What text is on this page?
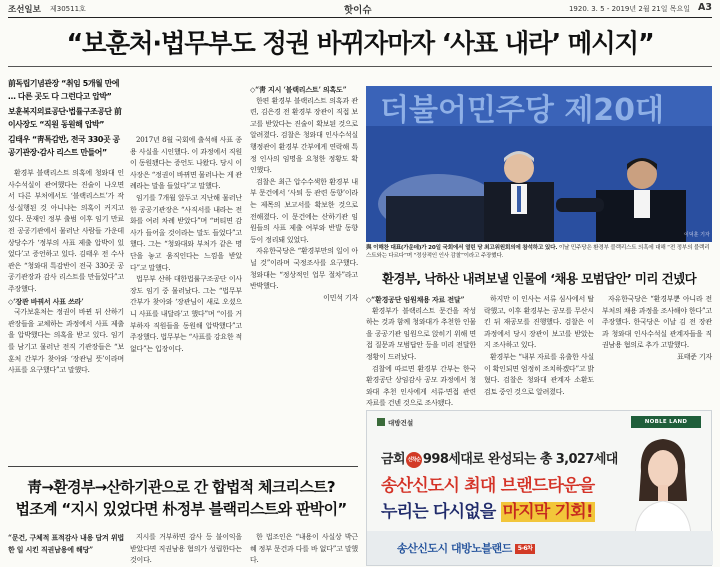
조선일보 제30511호	핫이슈	1920. 3. 5 - 2019년 2월 21일 목요일 A3
“보훈처·법무부도 정권 바뀌자마자 ‘사표 내라’ 메시지”
前독립기념관장 “취임 5개월 만에
… 다른 곳도 다 그런다고 압박”
보훈복지의료공단·법률구조공단 前이사장도 “직원 동원해 압박”
김태우 “靑특감반, 전국 330곳 공공기관장·감사 리스트 만들어”

환경부 블랙리스트 의혹에 청와대 인사수석실이 관여했다는 진술이 나오면서 다른 부처에서도 ‘블랙리스트’가 작성·실행된 것 아니냐는 의혹이 커지고 있다. 문재인 정부 출범 이후 임기 만료 전 공공기관에서 물러난 사람들 가운데 상당수가 ‘정부의 사표 제출 압박이 있었다’고 증언하고 있다. 김태우 전 수사관은 “청와대 특감반이 전국 330곳 공공기관장과 감사 리스트를 만들었다”고 주장했다.

◇‘장관 바꿔서 사표 쓰라’

국가보훈처는 정권이 바뀐 뒤 산하기관장들을 교체하는 과정에서 사표 제출을 압박했다는 의혹을 받고 있다. 임기를 남기고 물러난 전직 기관장들은 “보훈처 간부가 찾아와 ‘장관님 뜻’이라며 사표를 요구했다”고 말했다.

2017년 8월 국회에 출석해 사표 종용 사실을 시인했다. 이 과정에서 직원이 동원됐다는 증언도 나왔다. 당시 이사장은 “정권이 바뀌면 물러나는 게 관례라는 말을 들었다”고 말했다.

임기를 7개월 앞두고 지난해 물러난 한 공공기관장은 “사직서를 내라는 전화를 여러 차례 받았다”며 “버티면 감사가 들어올 것이라는 말도 들었다”고 했다. 그는 “청와대와 부처가 같은 명단을 놓고 움직인다는 느낌을 받았다”고 말했다.

법무부 산하 대한법률구조공단 이사장도 임기 중 물러났다. 그는 “법무부 간부가 찾아와 ‘장관님이 새로 오셨으니 사표를 내달라’고 했다”며 “이를 거부하자 직원들을 동원해 압박했다”고 주장했다. 법무부는 “사표를 강요한 적 없다”는 입장이다.

◇“靑 지시 ‘블랙리스트’ 의혹도”

한편 환경부 블랙리스트 의혹과 관련, 김은경 전 환경부 장관이 직접 보고를 받았다는 진술이 확보된 것으로 알려졌다. 검찰은 청와대 인사수석실 행정관이 환경부 간부에게 연락해 특정 인사의 임명을 요청한 정황도 확인했다.

검찰은 최근 압수수색한 환경부 내부 문건에서 ‘사퇴 등 관련 동향’이라는 제목의 보고서를 확보한 것으로 전해졌다. 이 문건에는 산하기관 임원들의 사표 제출 여부와 반발 동향 등이 정리돼 있었다.

자유한국당은 “환경부만의 일이 아닐 것”이라며 국정조사를 요구했다. 청와대는 “정상적인 업무 절차”라고 반박했다.

이민석 기자

더불어민주당 제20대
이덕훈 기자
與 이해찬 대표(가운데)가 20일 국회에서 열린 당 최고위원회의에 참석하고 있다. 이날 민주당은 환경부 블랙리스트 의혹에 대해 “전 정부의 블랙리스트와는 다르다”며 “정상적인 인사 감찰”이라고 주장했다.
환경부, 낙하산 내려보낼 인물에 ‘채용 모범답안’ 미리 건넸다

◇“환경공단 임원채용 자료 전달”

환경부가 블랙리스트 문건을 작성하는 것과 함께 청와대가 추천한 인물을 공공기관 임원으로 앉히기 위해 면접 질문과 모범답안 등을 미리 전달한 정황이 드러났다.

검찰에 따르면 환경부 간부는 한국환경공단 상임감사 공모 과정에서 청와대 추천 인사에게 서류·면접 관련 자료를 건넨 것으로 조사됐다.

하지만 이 인사는 서류 심사에서 탈락했고, 이후 환경부는 공모를 무산시킨 뒤 재공모를 진행했다. 검찰은 이 과정에서 당시 장관이 보고를 받았는지 조사하고 있다.

환경부는 “내부 자료를 유출한 사실이 확인되면 엄정히 조치하겠다”고 밝혔다. 검찰은 청와대 관계자 소환도 검토 중인 것으로 알려졌다.

자유한국당은 “환경부뿐 아니라 전 부처의 채용 과정을 조사해야 한다”고 주장했다. 한국당은 이날 김 전 장관과 청와대 인사수석실 관계자들을 직권남용 혐의로 추가 고발했다.

표태준 기자

靑→환경부→산하기관으로 간 합법적 체크리스트?
법조계 “지시 있었다면 朴정부 블랙리스트와 판박이”

“문건, 구체적 표적감사 내용 담겨 위법한 일 시킨 직권남용에 해당”

지시를 거부하면 감사 등 불이익을 받았다면 직권남용 혐의가 성립한다는 것이다.

한 법조인은 “내용이 사실상 박근혜 정부 문건과 다를 바 없다”고 말했다.

대방건설	NOBLE LAND
금회 선착순 998세대로 완성되는 총 3,027세대
송산신도시 최대 브랜드타운을
누리는 다시없을 마지막 기회!
송산신도시 대방노블랜드 5-6차
